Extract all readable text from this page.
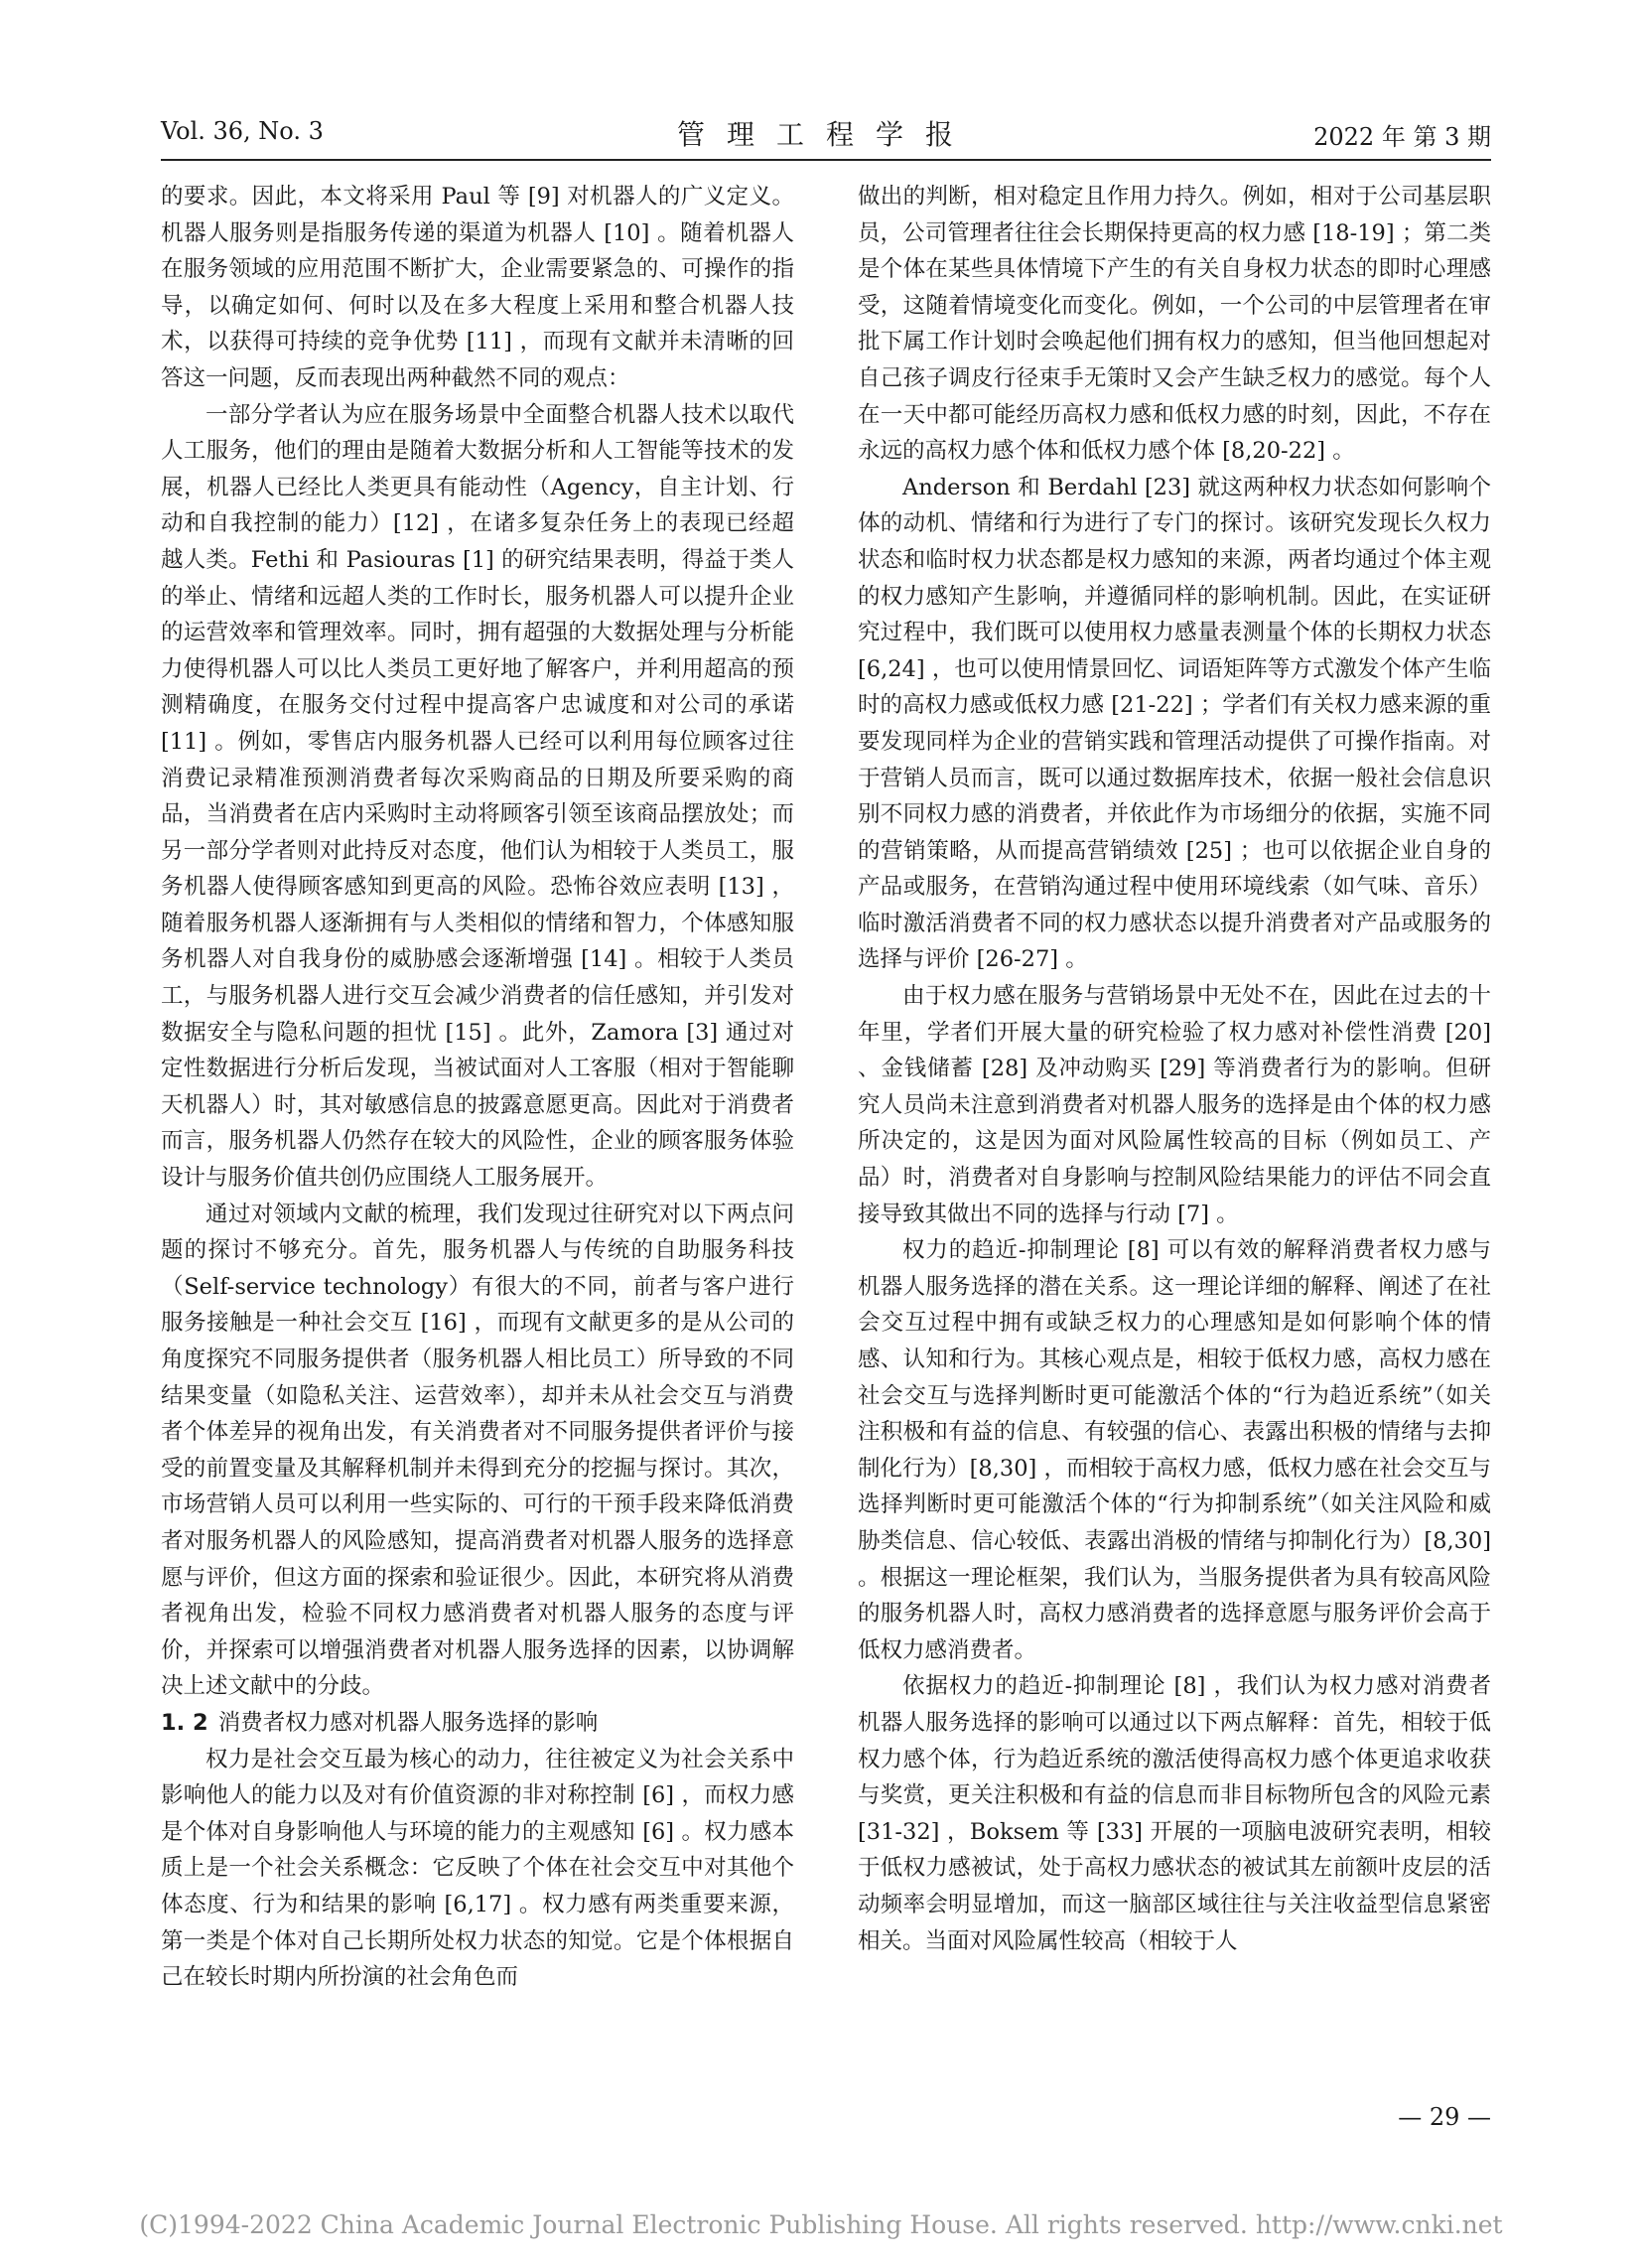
Vol. 36, No. 3	管理工程学报	2022 年 第 3 期

的要求。因此，本文将采用 Paul 等 [9] 对机器人的广义定义。机器人服务则是指服务传递的渠道为机器人 [10] 。随着机器人在服务领域的应用范围不断扩大，企业需要紧急的、可操作的指导，以确定如何、何时以及在多大程度上采用和整合机器人技术，以获得可持续的竞争优势 [11] ，而现有文献并未清晰的回答这一问题，反而表现出两种截然不同的观点：

一部分学者认为应在服务场景中全面整合机器人技术以取代人工服务，他们的理由是随着大数据分析和人工智能等技术的发展，机器人已经比人类更具有能动性（Agency，自主计划、行动和自我控制的能力）[12] ，在诸多复杂任务上的表现已经超越人类。Fethi 和 Pasiouras [1] 的研究结果表明，得益于类人的举止、情绪和远超人类的工作时长，服务机器人可以提升企业的运营效率和管理效率。同时，拥有超强的大数据处理与分析能力使得机器人可以比人类员工更好地了解客户，并利用超高的预测精确度，在服务交付过程中提高客户忠诚度和对公司的承诺 [11] 。例如，零售店内服务机器人已经可以利用每位顾客过往消费记录精准预测消费者每次采购商品的日期及所要采购的商品，当消费者在店内采购时主动将顾客引领至该商品摆放处；而另一部分学者则对此持反对态度，他们认为相较于人类员工，服务机器人使得顾客感知到更高的风险。恐怖谷效应表明 [13] ，随着服务机器人逐渐拥有与人类相似的情绪和智力，个体感知服务机器人对自我身份的威胁感会逐渐增强 [14] 。相较于人类员工，与服务机器人进行交互会减少消费者的信任感知，并引发对数据安全与隐私问题的担忧 [15] 。此外，Zamora [3] 通过对定性数据进行分析后发现，当被试面对人工客服（相对于智能聊天机器人）时，其对敏感信息的披露意愿更高。因此对于消费者而言，服务机器人仍然存在较大的风险性，企业的顾客服务体验设计与服务价值共创仍应围绕人工服务展开。

通过对领域内文献的梳理，我们发现过往研究对以下两点问题的探讨不够充分。首先，服务机器人与传统的自助服务科技（Self-service technology）有很大的不同，前者与客户进行服务接触是一种社会交互 [16] ，而现有文献更多的是从公司的角度探究不同服务提供者（服务机器人相比员工）所导致的不同结果变量（如隐私关注、运营效率），却并未从社会交互与消费者个体差异的视角出发，有关消费者对不同服务提供者评价与接受的前置变量及其解释机制并未得到充分的挖掘与探讨。其次，市场营销人员可以利用一些实际的、可行的干预手段来降低消费者对服务机器人的风险感知，提高消费者对机器人服务的选择意愿与评价，但这方面的探索和验证很少。因此，本研究将从消费者视角出发，检验不同权力感消费者对机器人服务的态度与评价，并探索可以增强消费者对机器人服务选择的因素，以协调解决上述文献中的分歧。

1. 2 消费者权力感对机器人服务选择的影响

权力是社会交互最为核心的动力，往往被定义为社会关系中影响他人的能力以及对有价值资源的非对称控制 [6] ，而权力感是个体对自身影响他人与环境的能力的主观感知 [6] 。权力感本质上是一个社会关系概念：它反映了个体在社会交互中对其他个体态度、行为和结果的影响 [6,17] 。权力感有两类重要来源，第一类是个体对自己长期所处权力状态的知觉。它是个体根据自己在较长时期内所扮演的社会角色而

做出的判断，相对稳定且作用力持久。例如，相对于公司基层职员，公司管理者往往会长期保持更高的权力感 [18-19] ；第二类是个体在某些具体情境下产生的有关自身权力状态的即时心理感受，这随着情境变化而变化。例如，一个公司的中层管理者在审批下属工作计划时会唤起他们拥有权力的感知，但当他回想起对自己孩子调皮行径束手无策时又会产生缺乏权力的感觉。每个人在一天中都可能经历高权力感和低权力感的时刻，因此，不存在永远的高权力感个体和低权力感个体 [8,20-22] 。

Anderson 和 Berdahl [23] 就这两种权力状态如何影响个体的动机、情绪和行为进行了专门的探讨。该研究发现长久权力状态和临时权力状态都是权力感知的来源，两者均通过个体主观的权力感知产生影响，并遵循同样的影响机制。因此，在实证研究过程中，我们既可以使用权力感量表测量个体的长期权力状态 [6,24] ，也可以使用情景回忆、词语矩阵等方式激发个体产生临时的高权力感或低权力感 [21-22] ；学者们有关权力感来源的重要发现同样为企业的营销实践和管理活动提供了可操作指南。对于营销人员而言，既可以通过数据库技术，依据一般社会信息识别不同权力感的消费者，并依此作为市场细分的依据，实施不同的营销策略，从而提高营销绩效 [25] ；也可以依据企业自身的产品或服务，在营销沟通过程中使用环境线索（如气味、音乐）临时激活消费者不同的权力感状态以提升消费者对产品或服务的选择与评价 [26-27] 。

由于权力感在服务与营销场景中无处不在，因此在过去的十年里，学者们开展大量的研究检验了权力感对补偿性消费 [20] 、金钱储蓄 [28] 及冲动购买 [29] 等消费者行为的影响。但研究人员尚未注意到消费者对机器人服务的选择是由个体的权力感所决定的，这是因为面对风险属性较高的目标（例如员工、产品）时，消费者对自身影响与控制风险结果能力的评估不同会直接导致其做出不同的选择与行动 [7] 。

权力的趋近-抑制理论 [8] 可以有效的解释消费者权力感与机器人服务选择的潜在关系。这一理论详细的解释、阐述了在社会交互过程中拥有或缺乏权力的心理感知是如何影响个体的情感、认知和行为。其核心观点是，相较于低权力感，高权力感在社会交互与选择判断时更可能激活个体的“行为趋近系统”（如关注积极和有益的信息、有较强的信心、表露出积极的情绪与去抑制化行为）[8,30] ，而相较于高权力感，低权力感在社会交互与选择判断时更可能激活个体的“行为抑制系统”（如关注风险和威胁类信息、信心较低、表露出消极的情绪与抑制化行为）[8,30] 。根据这一理论框架，我们认为，当服务提供者为具有较高风险的服务机器人时，高权力感消费者的选择意愿与服务评价会高于低权力感消费者。

依据权力的趋近-抑制理论 [8] ，我们认为权力感对消费者机器人服务选择的影响可以通过以下两点解释：首先，相较于低权力感个体，行为趋近系统的激活使得高权力感个体更追求收获与奖赏，更关注积极和有益的信息而非目标物所包含的风险元素 [31-32] ，Boksem 等 [33] 开展的一项脑电波研究表明，相较于低权力感被试，处于高权力感状态的被试其左前额叶皮层的活动频率会明显增加，而这一脑部区域往往与关注收益型信息紧密相关。当面对风险属性较高（相较于人

— 29 —
(C)1994-2022 China Academic Journal Electronic Publishing House. All rights reserved. http://www.cnki.net
